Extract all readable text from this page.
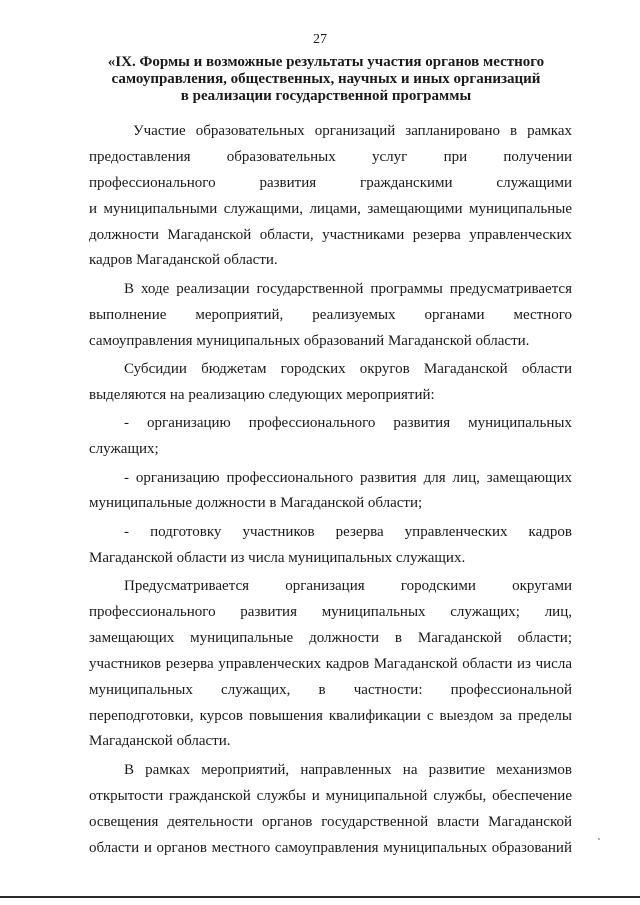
27
«IX. Формы и возможные результаты участия органов местного
самоуправления, общественных, научных и иных организаций
в реализации государственной программы
Участие образовательных организаций запланировано в рамках
предоставления образовательных услуг при получении
профессионального развития гражданскими служащими
и муниципальными служащими, лицами, замещающими муниципальные
должности Магаданской области, участниками резерва управленческих
кадров Магаданской области.
В ходе реализации государственной программы предусматривается
выполнение мероприятий, реализуемых органами местного
самоуправления муниципальных образований Магаданской области.
Субсидии бюджетам городских округов Магаданской области
выделяются на реализацию следующих мероприятий:
- организацию профессионального развития муниципальных
служащих;
- организацию профессионального развития для лиц, замещающих
муниципальные должности в Магаданской области;
- подготовку участников резерва управленческих кадров
Магаданской области из числа муниципальных служащих.
Предусматривается организация городскими округами
профессионального развития муниципальных служащих; лиц,
замещающих муниципальные должности в Магаданской области;
участников резерва управленческих кадров Магаданской области из числа
муниципальных служащих, в частности: профессиональной
переподготовки, курсов повышения квалификации с выездом за пределы
Магаданской области.
В рамках мероприятий, направленных на развитие механизмов
открытости гражданской службы и муниципальной службы, обеспечение
освещения деятельности органов государственной власти Магаданской
области и органов местного самоуправления муниципальных образований
